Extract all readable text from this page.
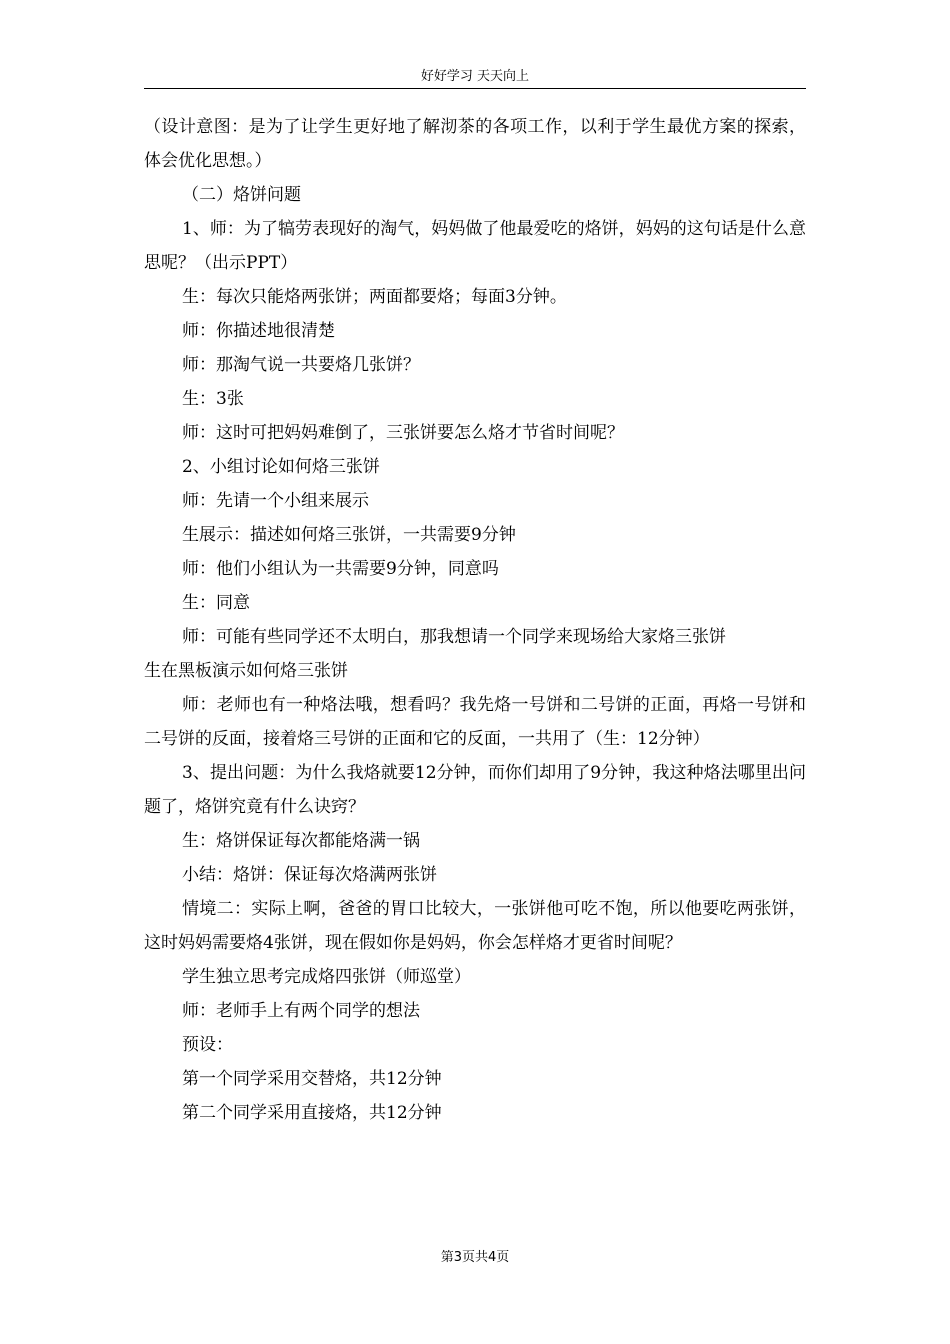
好好学习 天天向上

（设计意图：是为了让学生更好地了解沏茶的各项工作，以利于学生最优方案的探索，体会优化思想。）

（二）烙饼问题

1、师：为了犒劳表现好的淘气，妈妈做了他最爱吃的烙饼，妈妈的这句话是什么意思呢？（出示PPT）

生：每次只能烙两张饼；两面都要烙；每面3分钟。

师：你描述地很清楚

师：那淘气说一共要烙几张饼？

生：3张

师：这时可把妈妈难倒了，三张饼要怎么烙才节省时间呢？

2、小组讨论如何烙三张饼

师：先请一个小组来展示

生展示：描述如何烙三张饼，一共需要9分钟

师：他们小组认为一共需要9分钟，同意吗

生：同意

师：可能有些同学还不太明白，那我想请一个同学来现场给大家烙三张饼

生在黑板演示如何烙三张饼

师：老师也有一种烙法哦，想看吗？我先烙一号饼和二号饼的正面，再烙一号饼和二号饼的反面，接着烙三号饼的正面和它的反面，一共用了（生：12分钟）

3、提出问题：为什么我烙就要12分钟，而你们却用了9分钟，我这种烙法哪里出问题了，烙饼究竟有什么诀窍？

生：烙饼保证每次都能烙满一锅

小结：烙饼：保证每次烙满两张饼

情境二：实际上啊，爸爸的胃口比较大，一张饼他可吃不饱，所以他要吃两张饼，这时妈妈需要烙4张饼，现在假如你是妈妈，你会怎样烙才更省时间呢？

学生独立思考完成烙四张饼（师巡堂）

师：老师手上有两个同学的想法

预设：

第一个同学采用交替烙，共12分钟

第二个同学采用直接烙，共12分钟

第3页共4页
